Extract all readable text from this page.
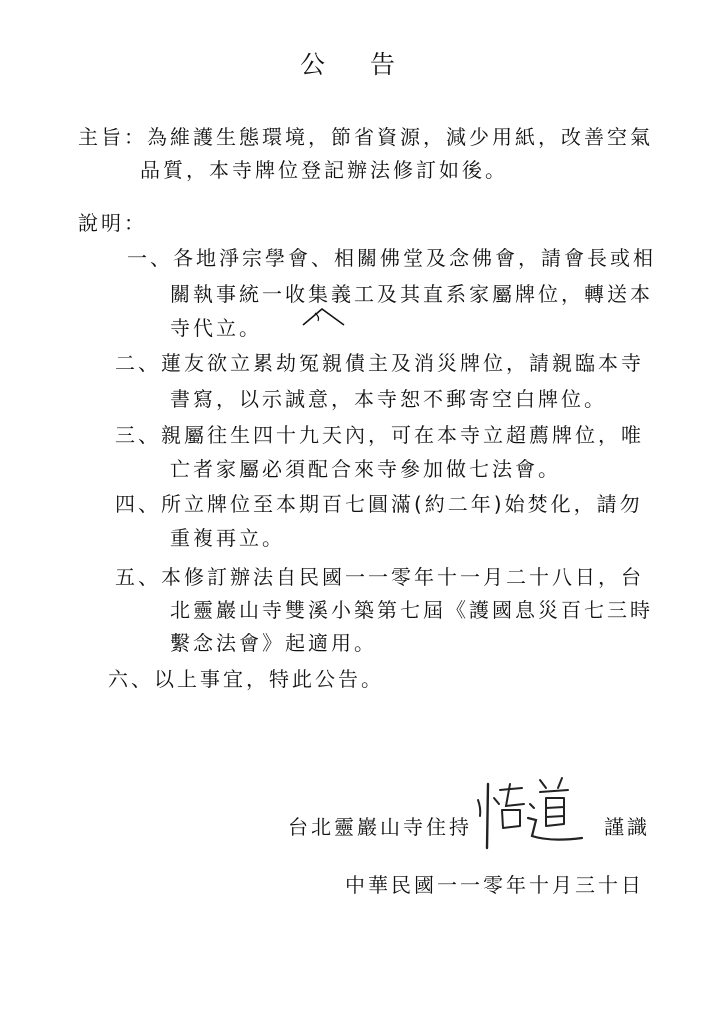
公 告
主旨：為維護生態環境，節省資源，減少用紙，改善空氣
品質，本寺牌位登記辦法修訂如後。
說明：
一、各地淨宗學會、相關佛堂及念佛會，請會長或相
關執事統一收集義工及其直系家屬牌位，轉送本
寺代立。
二、蓮友欲立累劫冤親債主及消災牌位，請親臨本寺
書寫，以示誠意，本寺恕不郵寄空白牌位。
三、親屬往生四十九天內，可在本寺立超薦牌位，唯
亡者家屬必須配合來寺參加做七法會。
四、所立牌位至本期百七圓滿(約二年)始焚化，請勿
重複再立。
五、本修訂辦法自民國一一零年十一月二十八日，台
北靈巖山寺雙溪小築第七屆《護國息災百七三時
繫念法會》起適用。
六、以上事宜，特此公告。
台北靈巖山寺住持	謹識
中華民國一一零年十月三十日
